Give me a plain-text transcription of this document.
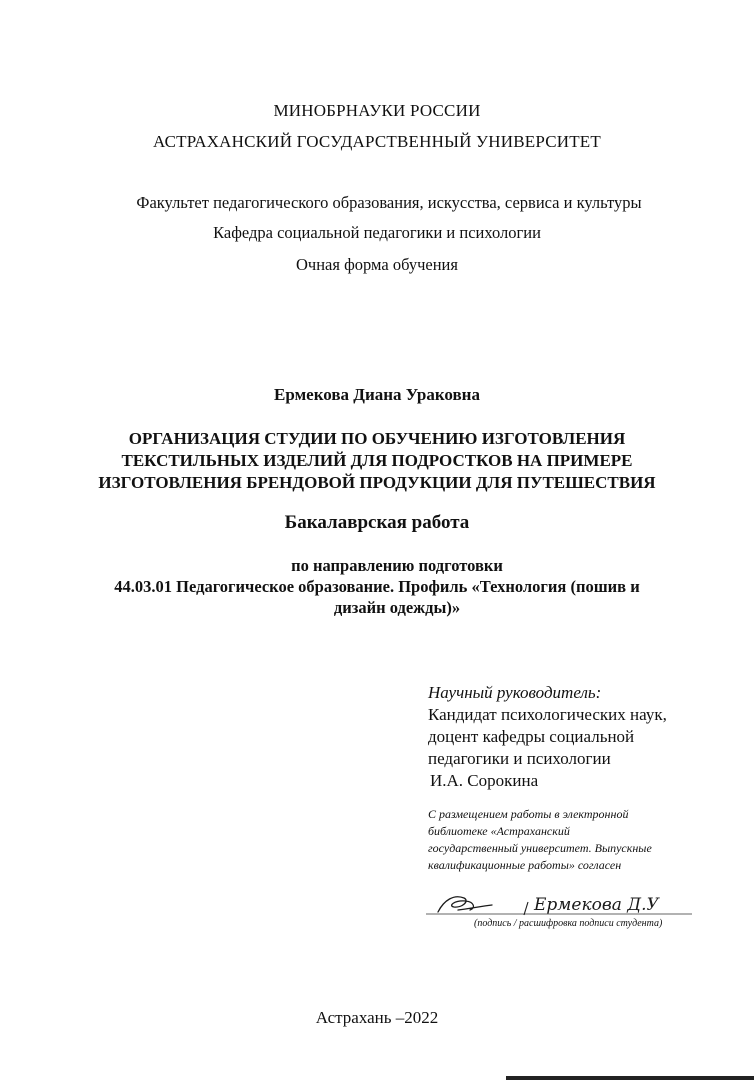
МИНОБРНАУКИ РОССИИ
АСТРАХАНСКИЙ ГОСУДАРСТВЕННЫЙ УНИВЕРСИТЕТ
Факультет педагогического образования, искусства, сервиса и культуры
Кафедра социальной педагогики и психологии
Очная форма обучения
Ермекова Диана Ураковна
ОРГАНИЗАЦИЯ СТУДИИ ПО ОБУЧЕНИЮ ИЗГОТОВЛЕНИЯ
ТЕКСТИЛЬНЫХ ИЗДЕЛИЙ ДЛЯ ПОДРОСТКОВ НА ПРИМЕРЕ
ИЗГОТОВЛЕНИЯ БРЕНДОВОЙ ПРОДУКЦИИ ДЛЯ ПУТЕШЕСТВИЯ
Бакалаврская работа
по направлению подготовки
44.03.01 Педагогическое образование. Профиль «Технология (пошив и
дизайн одежды)»
Научный руководитель:
Кандидат психологических наук,
доцент кафедры социальной
педагогики и психологии
И.А. Сорокина
С размещением работы в электронной
библиотеке «Астраханский
государственный университет. Выпускные
квалификационные работы» согласен
Ермекова Д.У
(подпись / расшифровка подписи студента)
Астрахань –2022
